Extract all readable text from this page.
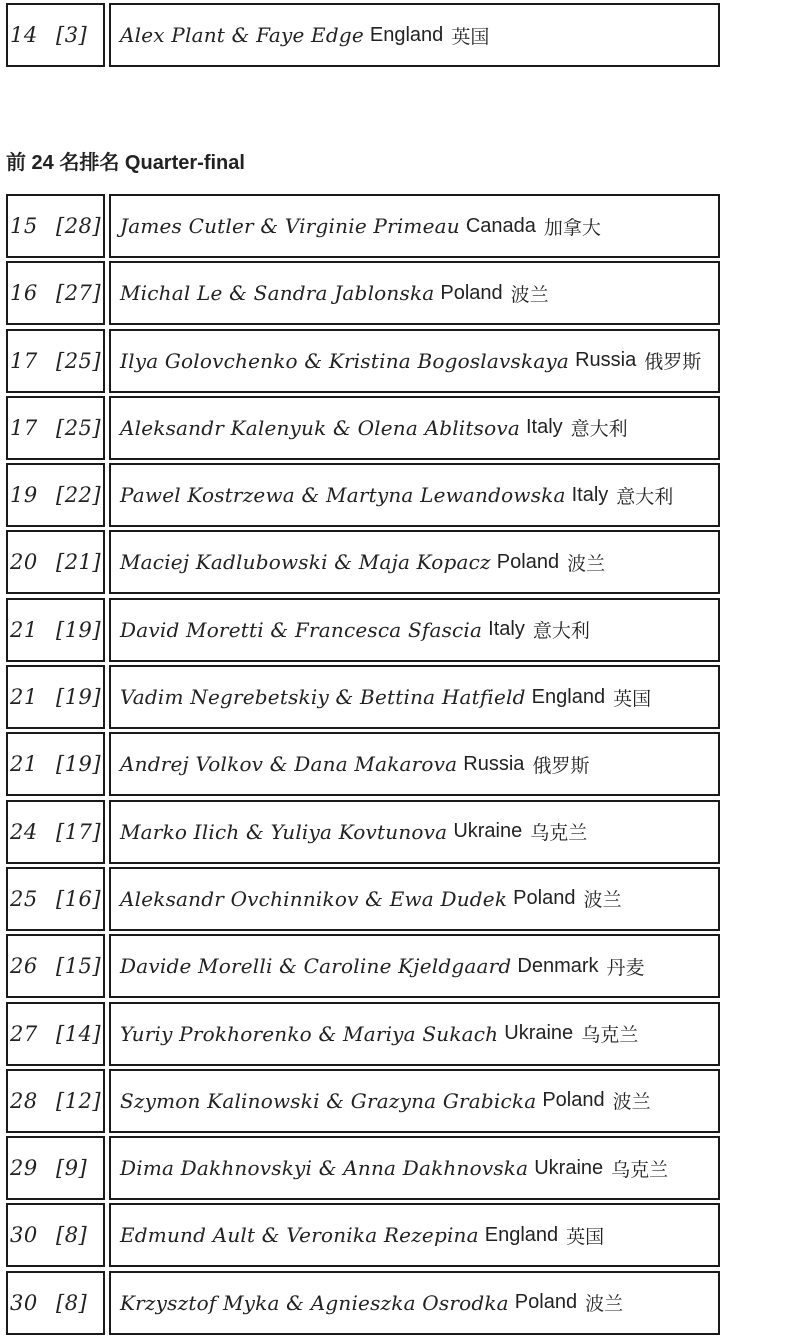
14 [3] Alex Plant & Faye Edge England 英国
前 24 名排名 Quarter-final
15 [28] James Cutler & Virginie Primeau Canada 加拿大
16 [27] Michal Le & Sandra Jablonska Poland 波兰
17 [25] Ilya Golovchenko & Kristina Bogoslavskaya Russia 俄罗斯
17 [25] Aleksandr Kalenyuk & Olena Ablitsova Italy 意大利
19 [22] Pawel Kostrzewa & Martyna Lewandowska Italy 意大利
20 [21] Maciej Kadlubowski & Maja Kopacz Poland 波兰
21 [19] David Moretti & Francesca Sfascia Italy 意大利
21 [19] Vadim Negrebetskiy & Bettina Hatfield England 英国
21 [19] Andrej Volkov & Dana Makarova Russia 俄罗斯
24 [17] Marko Ilich & Yuliya Kovtunova Ukraine 乌克兰
25 [16] Aleksandr Ovchinnikov & Ewa Dudek Poland 波兰
26 [15] Davide Morelli & Caroline Kjeldgaard Denmark 丹麦
27 [14] Yuriy Prokhorenko & Mariya Sukach Ukraine 乌克兰
28 [12] Szymon Kalinowski & Grazyna Grabicka Poland 波兰
29 [9] Dima Dakhnovskyi & Anna Dakhnovska Ukraine 乌克兰
30 [8] Edmund Ault & Veronika Rezepina England 英国
30 [8] Krzysztof Myka & Agnieszka Osrodka Poland 波兰
